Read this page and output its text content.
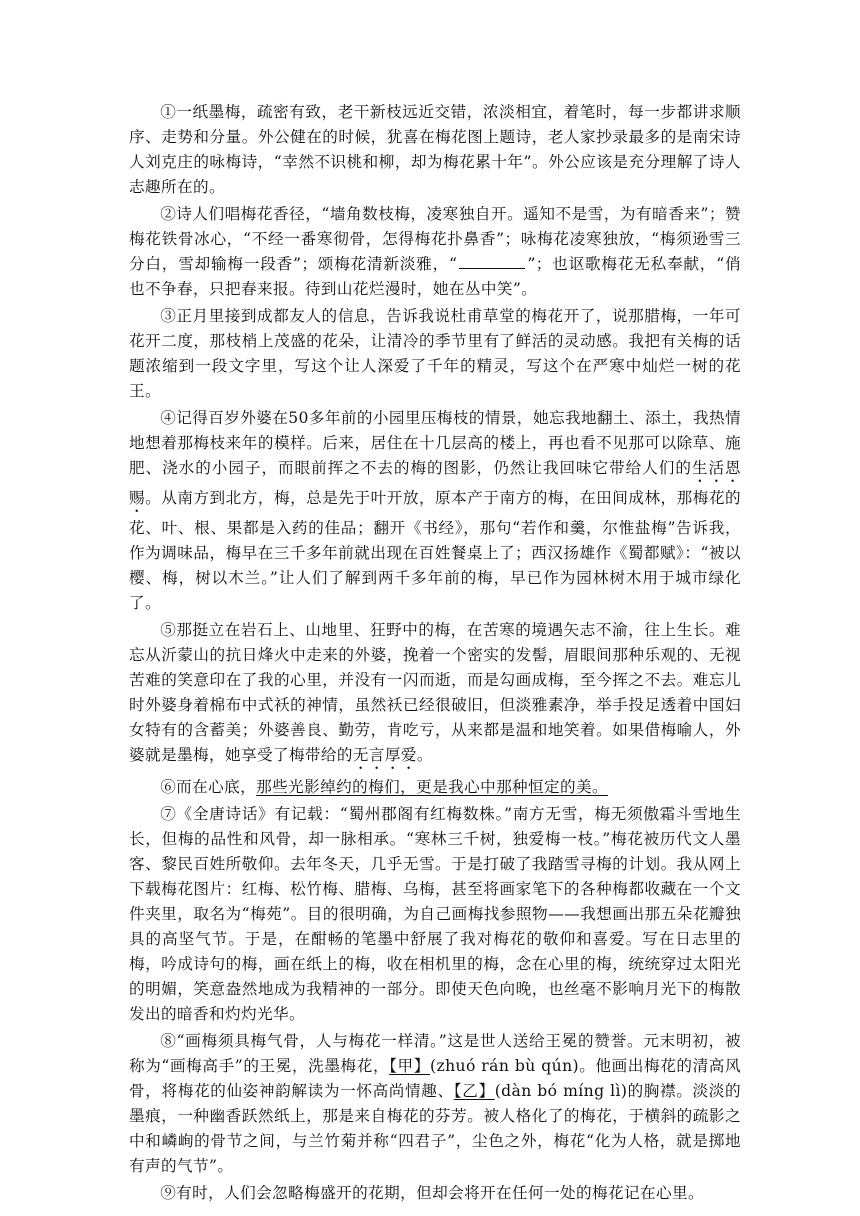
①一纸墨梅，疏密有致，老干新枝远近交错，浓淡相宜，着笔时，每一步都讲求顺序、走势和分量。外公健在的时候，犹喜在梅花图上题诗，老人家抄录最多的是南宋诗人刘克庄的咏梅诗，“幸然不识桃和柳，却为梅花累十年”。外公应该是充分理解了诗人志趣所在的。

②诗人们唱梅花香径，“墙角数枝梅，凌寒独自开。遥知不是雪，为有暗香来”；赞梅花铁骨冰心，“不经一番寒彻骨，怎得梅花扑鼻香”；咏梅花凌寒独放，“梅须逊雪三分白，雪却输梅一段香”；颂梅花清新淡雅，“	”；也讴歌梅花无私奉献，“俏也不争春，只把春来报。待到山花烂漫时，她在丛中笑”。

③正月里接到成都友人的信息，告诉我说杜甫草堂的梅花开了，说那腊梅，一年可花开二度，那枝梢上茂盛的花朵，让清冷的季节里有了鲜活的灵动感。我把有关梅的话题浓缩到一段文字里，写这个让人深爱了千年的精灵，写这个在严寒中灿烂一树的花王。

④记得百岁外婆在50多年前的小园里压梅枝的情景，她忘我地翻土、添土，我热情地想着那梅枝来年的模样。后来，居住在十几层高的楼上，再也看不见那可以除草、施肥、浇水的小园子，而眼前挥之不去的梅的图影，仍然让我回味它带给人们的生活恩赐。从南方到北方，梅，总是先于叶开放，原本产于南方的梅，在田间成林，那梅花的花、叶、根、果都是入药的佳品；翻开《书经》，那句“若作和羹，尔惟盐梅”告诉我，作为调味品，梅早在三千多年前就出现在百姓餐桌上了；西汉扬雄作《蜀都赋》：“被以樱、梅，树以木兰。”让人们了解到两千多年前的梅，早已作为园林树木用于城市绿化了。

⑤那挺立在岩石上、山地里、狂野中的梅，在苦寒的境遇矢志不渝，往上生长。难忘从沂蒙山的抗日烽火中走来的外婆，挽着一个密实的发髻，眉眼间那种乐观的、无视苦难的笑意印在了我的心里，并没有一闪而逝，而是勾画成梅，至今挥之不去。难忘儿时外婆身着棉布中式袄的神情，虽然袄已经很破旧，但淡雅素净，举手投足透着中国妇女特有的含蓄美；外婆善良、勤劳，肯吃亏，从来都是温和地笑着。如果借梅喻人，外婆就是墨梅，她享受了梅带给的无言厚爱。

⑥而在心底，那些光影绰约的梅们，更是我心中那种恒定的美。

⑦《全唐诗话》有记载：“蜀州郡阁有红梅数株。”南方无雪，梅无须傲霜斗雪地生长，但梅的品性和风骨，却一脉相承。“寒林三千树，独爱梅一枝。”梅花被历代文人墨客、黎民百姓所敬仰。去年冬天，几乎无雪。于是打破了我踏雪寻梅的计划。我从网上下载梅花图片：红梅、松竹梅、腊梅、乌梅，甚至将画家笔下的各种梅都收藏在一个文件夹里，取名为“梅苑”。目的很明确，为自己画梅找参照物——我想画出那五朵花瓣独具的高坚气节。于是，在酣畅的笔墨中舒展了我对梅花的敬仰和喜爱。写在日志里的梅，吟成诗句的梅，画在纸上的梅，收在相机里的梅，念在心里的梅，统统穿过太阳光的明媚，笑意盎然地成为我精神的一部分。即使天色向晚，也丝毫不影响月光下的梅散发出的暗香和灼灼光华。

⑧“画梅须具梅气骨，人与梅花一样清。”这是世人送给王冕的赞誉。元末明初，被称为“画梅高手”的王冕，洗墨梅花，【甲】(zhuó rán bù qún)。他画出梅花的清高风骨，将梅花的仙姿神韵解读为一怀高尚情趣、【乙】(dàn bó míng lì)的胸襟。淡淡的墨痕，一种幽香跃然纸上，那是来自梅花的芬芳。被人格化了的梅花，于横斜的疏影之中和嶙峋的骨节之间，与兰竹菊并称“四君子”，尘色之外，梅花“化为人格，就是掷地有声的气节”。

⑨有时，人们会忽略梅盛开的花期，但却会将开在任何一处的梅花记在心里。
